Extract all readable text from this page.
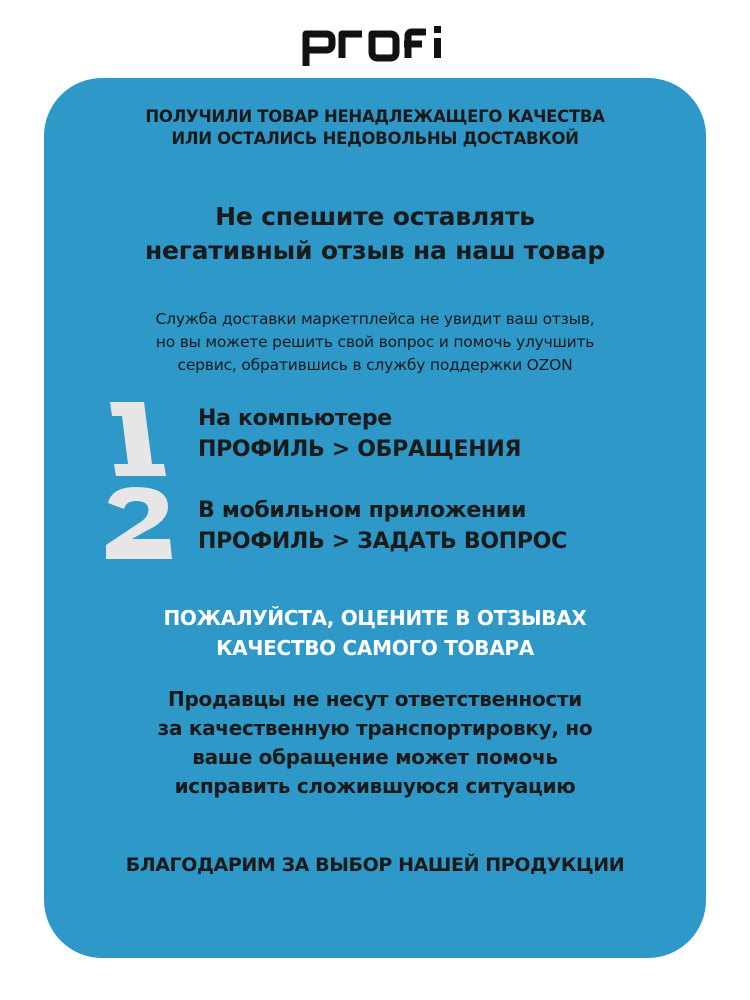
ПОЛУЧИЛИ ТОВАР НЕНАДЛЕЖАЩЕГО КАЧЕСТВА
ИЛИ ОСТАЛИСЬ НЕДОВОЛЬНЫ ДОСТАВКОЙ

Не спешите оставлять
негативный отзыв на наш товар

Служба доставки маркетплейса не увидит ваш отзыв,
но вы можете решить свой вопрос и помочь улучшить
сервис, обратившись в службу поддержки OZON

На компьютере
ПРОФИЛЬ > ОБРАЩЕНИЯ
В мобильном приложении
ПРОФИЛЬ > ЗАДАТЬ ВОПРОС

ПОЖАЛУЙСТА, ОЦЕНИТЕ В ОТЗЫВАХ
КАЧЕСТВО САМОГО ТОВАРА

Продавцы не несут ответственности
за качественную транспортировку, но
ваше обращение может помочь
исправить сложившуюся ситуацию

БЛАГОДАРИМ ЗА ВЫБОР НАШЕЙ ПРОДУКЦИИ
